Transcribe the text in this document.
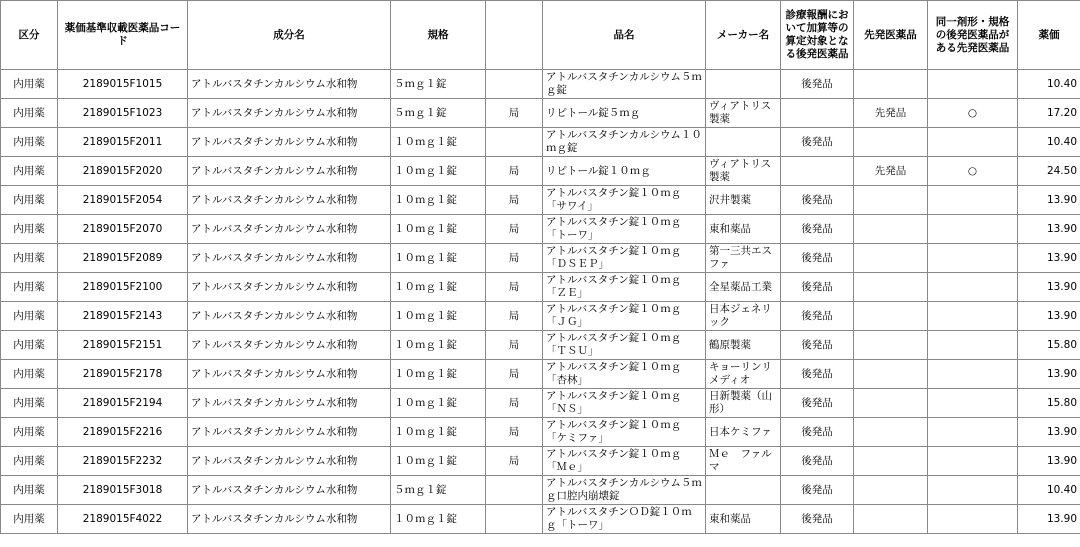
区分	薬価基準収載医薬品コード	成分名	規格		品名	メーカー名	診療報酬において加算等の算定対象となる後発医薬品	先発医薬品	同一剤形・規格の後発医薬品がある先発医薬品	薬価
内用薬	2189015F1015	アトルバスタチンカルシウム水和物	５ｍｇ１錠		アトルバスタチンカルシウム５ｍｇ錠		後発品			10.40
内用薬	2189015F1023	アトルバスタチンカルシウム水和物	５ｍｇ１錠	局	リピトール錠５ｍｇ	ヴィアトリス製薬		先発品	○	17.20
内用薬	2189015F2011	アトルバスタチンカルシウム水和物	１０ｍｇ１錠		アトルバスタチンカルシウム１０ｍｇ錠		後発品			10.40
内用薬	2189015F2020	アトルバスタチンカルシウム水和物	１０ｍｇ１錠	局	リピトール錠１０ｍｇ	ヴィアトリス製薬		先発品	○	24.50
内用薬	2189015F2054	アトルバスタチンカルシウム水和物	１０ｍｇ１錠	局	アトルバスタチン錠１０ｍｇ「サワイ」	沢井製薬	後発品			13.90
内用薬	2189015F2070	アトルバスタチンカルシウム水和物	１０ｍｇ１錠	局	アトルバスタチン錠１０ｍｇ「トーワ」	東和薬品	後発品			13.90
内用薬	2189015F2089	アトルバスタチンカルシウム水和物	１０ｍｇ１錠	局	アトルバスタチン錠１０ｍｇ「ＤＳＥＰ」	第一三共エスファ	後発品			13.90
内用薬	2189015F2100	アトルバスタチンカルシウム水和物	１０ｍｇ１錠	局	アトルバスタチン錠１０ｍｇ「ＺＥ」	全星薬品工業	後発品			13.90
内用薬	2189015F2143	アトルバスタチンカルシウム水和物	１０ｍｇ１錠	局	アトルバスタチン錠１０ｍｇ「ＪＧ」	日本ジェネリック	後発品			13.90
内用薬	2189015F2151	アトルバスタチンカルシウム水和物	１０ｍｇ１錠	局	アトルバスタチン錠１０ｍｇ「ＴＳＵ」	鶴原製薬	後発品			15.80
内用薬	2189015F2178	アトルバスタチンカルシウム水和物	１０ｍｇ１錠	局	アトルバスタチン錠１０ｍｇ「杏林」	キョーリンリメディオ	後発品			13.90
内用薬	2189015F2194	アトルバスタチンカルシウム水和物	１０ｍｇ１錠	局	アトルバスタチン錠１０ｍｇ「ＮＳ」	日新製薬（山形）	後発品			15.80
内用薬	2189015F2216	アトルバスタチンカルシウム水和物	１０ｍｇ１錠	局	アトルバスタチン錠１０ｍｇ「ケミファ」	日本ケミファ	後発品			13.90
内用薬	2189015F2232	アトルバスタチンカルシウム水和物	１０ｍｇ１錠	局	アトルバスタチン錠１０ｍｇ「Ｍｅ」	Ｍｅ　ファルマ	後発品			13.90
内用薬	2189015F3018	アトルバスタチンカルシウム水和物	５ｍｇ１錠		アトルバスタチンカルシウム５ｍｇ口腔内崩壊錠		後発品			10.40
内用薬	2189015F4022	アトルバスタチンカルシウム水和物	１０ｍｇ１錠		アトルバスタチンＯＤ錠１０ｍｇ「トーワ」	東和薬品	後発品			13.90
